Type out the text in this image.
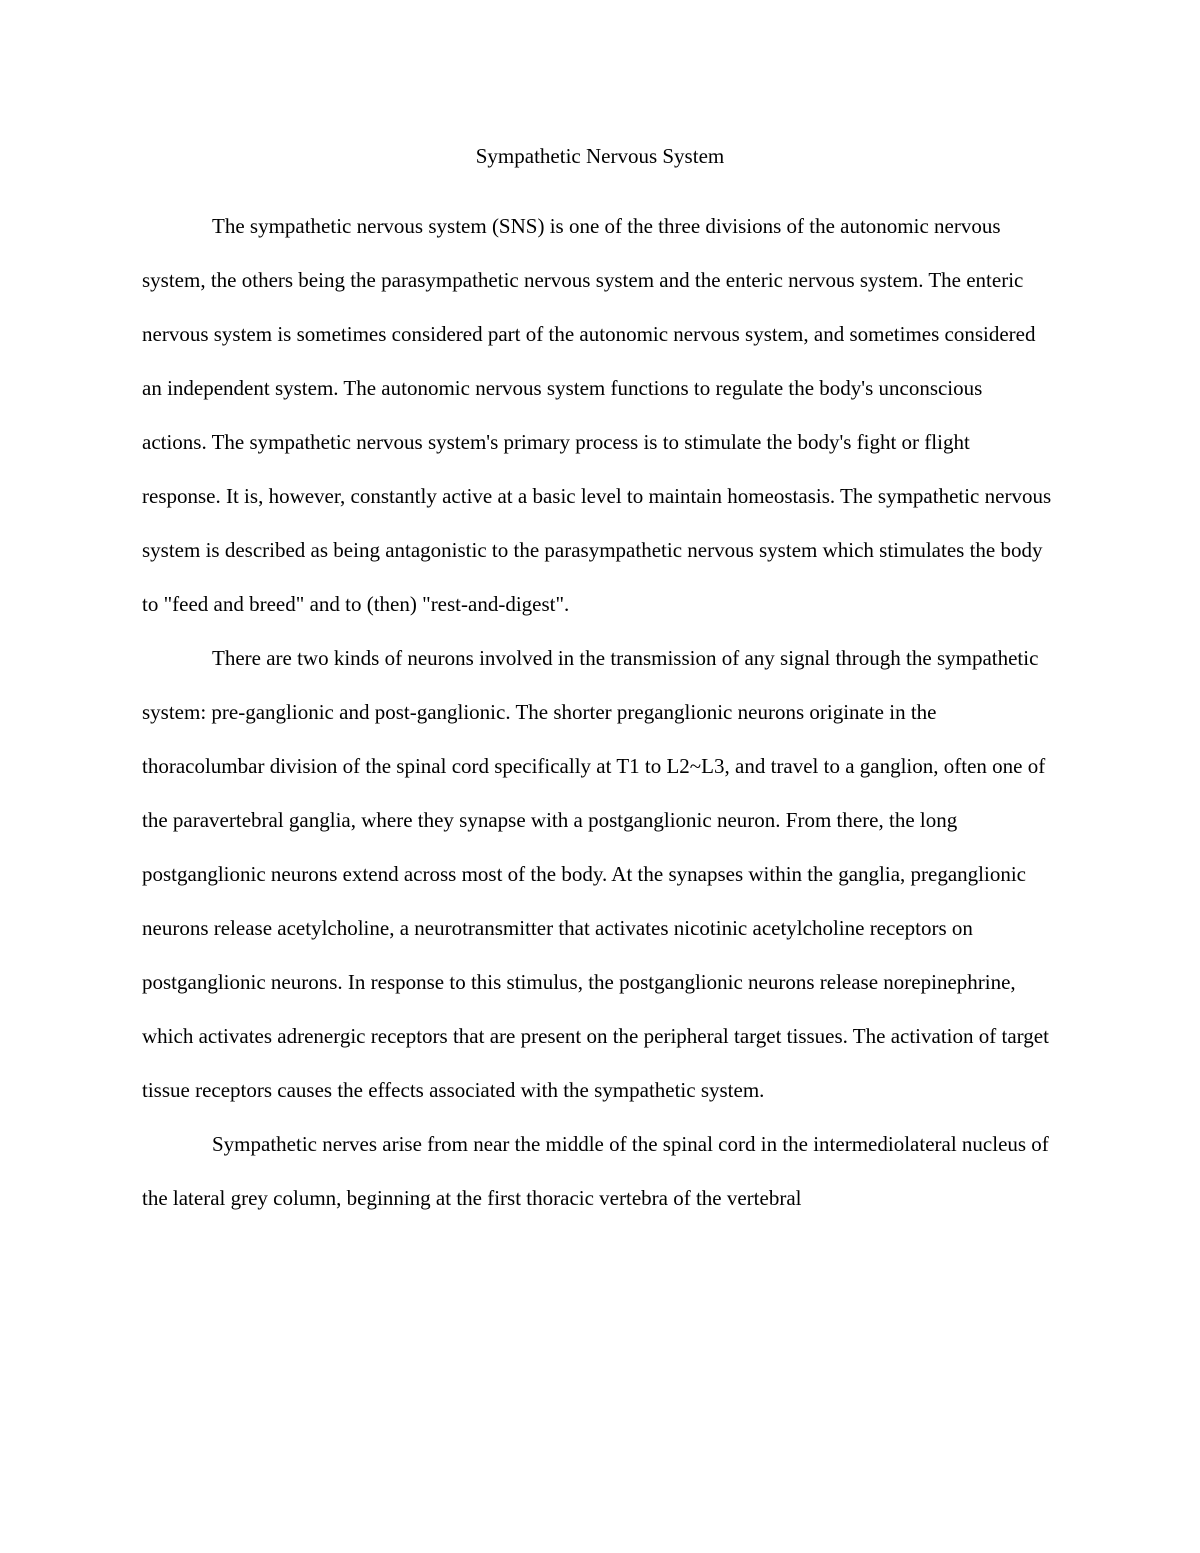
Sympathetic Nervous System

The sympathetic nervous system (SNS) is one of the three divisions of the autonomic nervous system, the others being the parasympathetic nervous system and the enteric nervous system. The enteric nervous system is sometimes considered part of the autonomic nervous system, and sometimes considered an independent system. The autonomic nervous system functions to regulate the body's unconscious actions. The sympathetic nervous system's primary process is to stimulate the body's fight or flight response. It is, however, constantly active at a basic level to maintain homeostasis. The sympathetic nervous system is described as being antagonistic to the parasympathetic nervous system which stimulates the body to "feed and breed" and to (then) "rest-and-digest".

There are two kinds of neurons involved in the transmission of any signal through the sympathetic system: pre-ganglionic and post-ganglionic. The shorter preganglionic neurons originate in the thoracolumbar division of the spinal cord specifically at T1 to L2~L3, and travel to a ganglion, often one of the paravertebral ganglia, where they synapse with a postganglionic neuron. From there, the long postganglionic neurons extend across most of the body. At the synapses within the ganglia, preganglionic neurons release acetylcholine, a neurotransmitter that activates nicotinic acetylcholine receptors on postganglionic neurons. In response to this stimulus, the postganglionic neurons release norepinephrine, which activates adrenergic receptors that are present on the peripheral target tissues. The activation of target tissue receptors causes the effects associated with the sympathetic system.

Sympathetic nerves arise from near the middle of the spinal cord in the intermediolateral nucleus of the lateral grey column, beginning at the first thoracic vertebra of the vertebral
